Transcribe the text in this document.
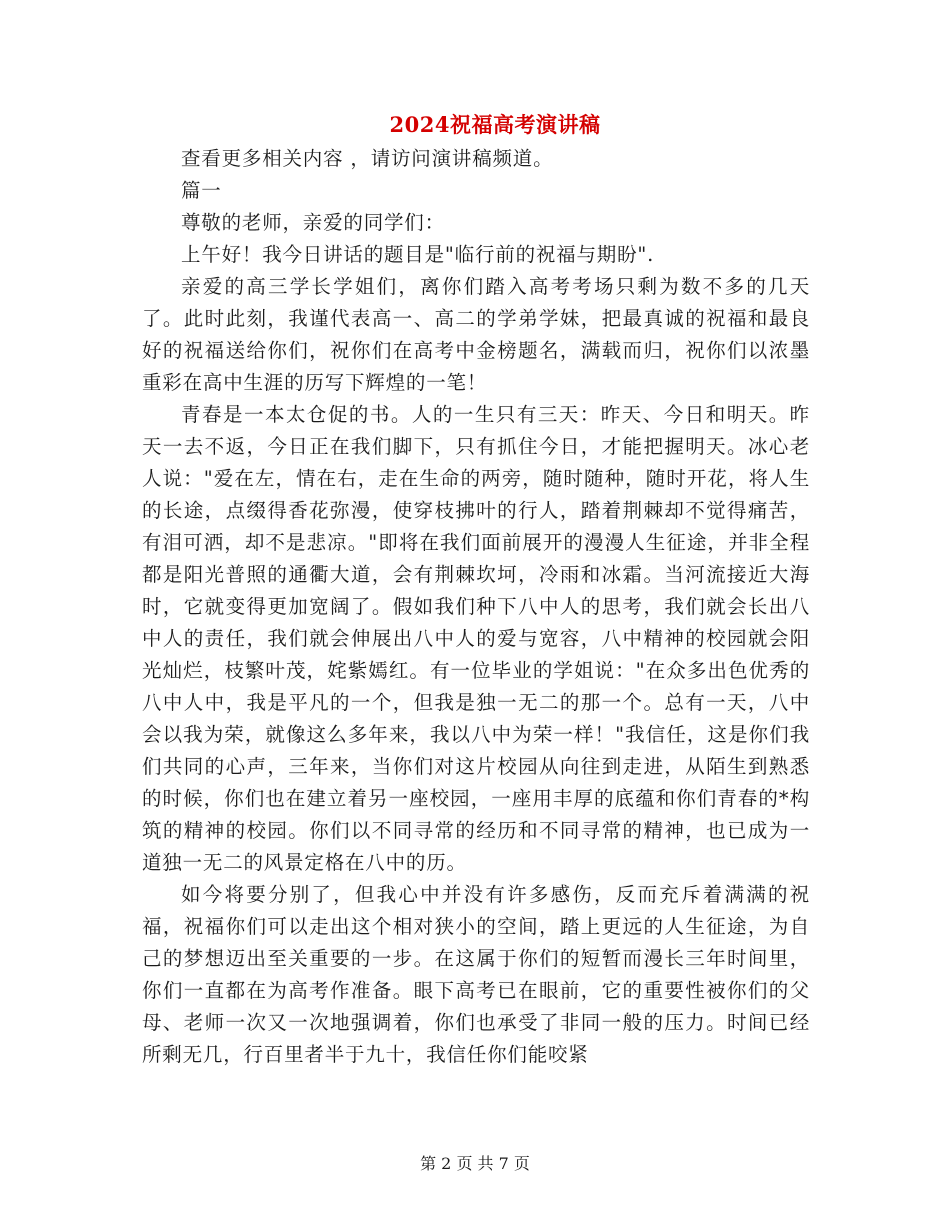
2024祝福高考演讲稿

查看更多相关内容 ，请访问演讲稿频道。

篇一

尊敬的老师，亲爱的同学们：

上午好！我今日讲话的题目是"临行前的祝福与期盼".

亲爱的高三学长学姐们，离你们踏入高考考场只剩为数不多的几天了。此时此刻，我谨代表高一、高二的学弟学妹，把最真诚的祝福和最良好的祝福送给你们，祝你们在高考中金榜题名，满载而归，祝你们以浓墨重彩在高中生涯的历写下辉煌的一笔！

青春是一本太仓促的书。人的一生只有三天：昨天、今日和明天。昨天一去不返，今日正在我们脚下，只有抓住今日，才能把握明天。冰心老人说："爱在左，情在右，走在生命的两旁，随时随种，随时开花，将人生的长途，点缀得香花弥漫，使穿枝拂叶的行人，踏着荆棘却不觉得痛苦，有泪可洒，却不是悲凉。"即将在我们面前展开的漫漫人生征途，并非全程都是阳光普照的通衢大道，会有荆棘坎坷，冷雨和冰霜。当河流接近大海时，它就变得更加宽阔了。假如我们种下八中人的思考，我们就会长出八中人的责任，我们就会伸展出八中人的爱与宽容，八中精神的校园就会阳光灿烂，枝繁叶茂，姹紫嫣红。有一位毕业的学姐说："在众多出色优秀的八中人中，我是平凡的一个，但我是独一无二的那一个。总有一天，八中会以我为荣，就像这么多年来，我以八中为荣一样！"我信任，这是你们我们共同的心声，三年来，当你们对这片校园从向往到走进，从陌生到熟悉的时候，你们也在建立着另一座校园，一座用丰厚的底蕴和你们青春的*构筑的精神的校园。你们以不同寻常的经历和不同寻常的精神，也已成为一道独一无二的风景定格在八中的历。

如今将要分别了，但我心中并没有许多感伤，反而充斥着满满的祝福，祝福你们可以走出这个相对狭小的空间，踏上更远的人生征途，为自己的梦想迈出至关重要的一步。在这属于你们的短暂而漫长三年时间里，你们一直都在为高考作准备。眼下高考已在眼前，它的重要性被你们的父母、老师一次又一次地强调着，你们也承受了非同一般的压力。时间已经所剩无几，行百里者半于九十，我信任你们能咬紧

第 2 页 共 7 页
